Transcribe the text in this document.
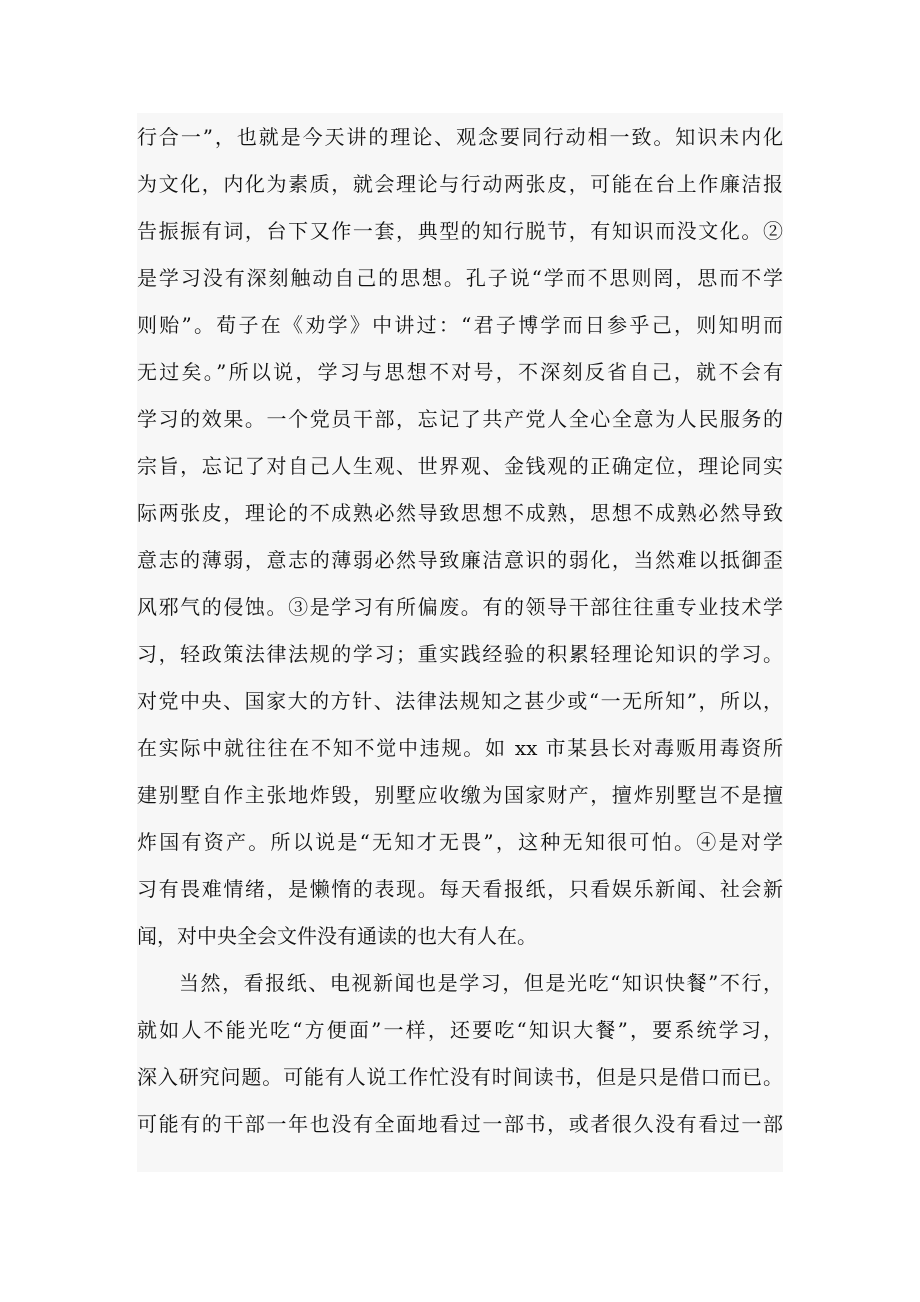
行合一”，也就是今天讲的理论、观念要同行动相一致。知识未内化
为文化，内化为素质，就会理论与行动两张皮，可能在台上作廉洁报
告振振有词，台下又作一套，典型的知行脱节，有知识而没文化。②
是学习没有深刻触动自己的思想。孔子说“学而不思则罔，思而不学
则贻”。荀子在《劝学》中讲过：“君子博学而日参乎己，则知明而
无过矣。”所以说，学习与思想不对号，不深刻反省自己，就不会有
学习的效果。一个党员干部，忘记了共产党人全心全意为人民服务的
宗旨，忘记了对自己人生观、世界观、金钱观的正确定位，理论同实
际两张皮，理论的不成熟必然导致思想不成熟，思想不成熟必然导致
意志的薄弱，意志的薄弱必然导致廉洁意识的弱化，当然难以抵御歪
风邪气的侵蚀。③是学习有所偏废。有的领导干部往往重专业技术学
习，轻政策法律法规的学习；重实践经验的积累轻理论知识的学习。
对党中央、国家大的方针、法律法规知之甚少或“一无所知”，所以，
在实际中就往往在不知不觉中违规。如 xx 市某县长对毒贩用毒资所
建别墅自作主张地炸毁，别墅应收缴为国家财产，擅炸别墅岂不是擅
炸国有资产。所以说是“无知才无畏”，这种无知很可怕。④是对学
习有畏难情绪，是懒惰的表现。每天看报纸，只看娱乐新闻、社会新
闻，对中央全会文件没有通读的也大有人在。
当然，看报纸、电视新闻也是学习，但是光吃“知识快餐”不行，
就如人不能光吃“方便面”一样，还要吃“知识大餐”，要系统学习，
深入研究问题。可能有人说工作忙没有时间读书，但是只是借口而已。
可能有的干部一年也没有全面地看过一部书，或者很久没有看过一部
